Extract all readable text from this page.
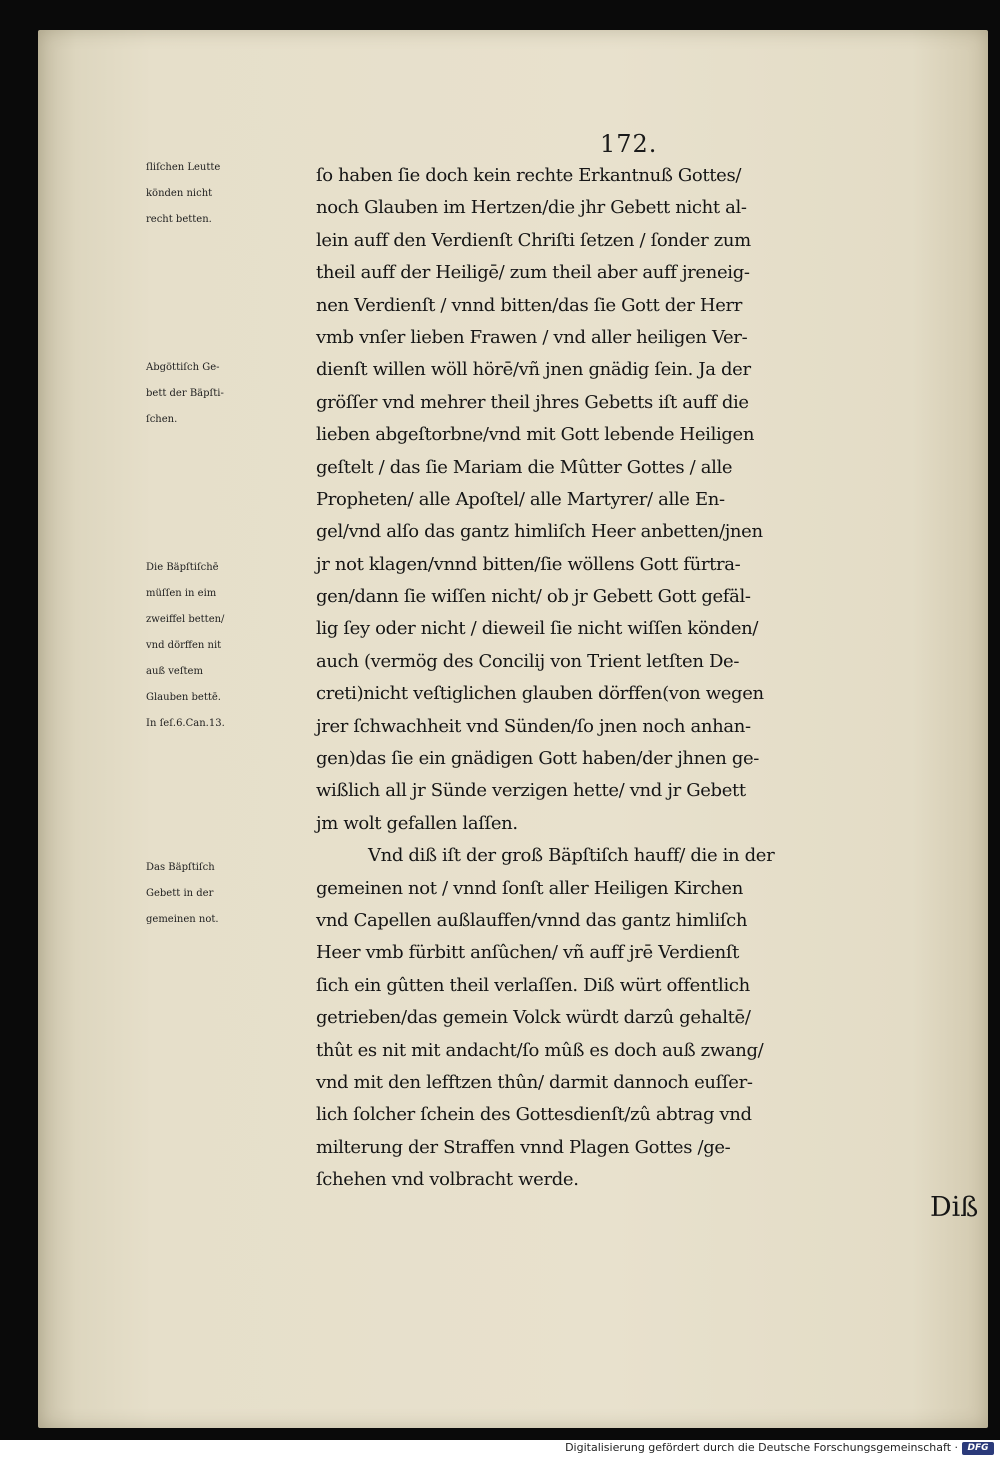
172.
ſliſchen Leutte
könden nicht
recht betten.
Abgöttiſch Ge-
bett der Bäpſti-
ſchen.
Die Bäpſtiſchē
müſſen in eim
zweiffel betten/
vnd dörffen nit
auß veſtem
Glauben bettē.
In ſeſ.6.Can.13.
Das Bäpſtiſch
Gebett in der
gemeinen not.
ſo haben ſie doch kein rechte Erkantnuß Gottes/
noch Glauben im Hertzen/die jhr Gebett nicht al-
lein auff den Verdienſt Chriſti ſetzen / ſonder zum
theil auff der Heiligē/ zum theil aber auff jreneig-
nen Verdienſt / vnnd bitten/das ſie Gott der Herr
vmb vnſer lieben Frawen / vnd aller heiligen Ver-
dienſt willen wöll hörē/vñ jnen gnädig ſein. Ja der
gröſſer vnd mehrer theil jhres Gebetts iſt auff die
lieben abgeſtorbne/vnd mit Gott lebende Heiligen
geſtelt / das ſie Mariam die Mûtter Gottes / alle
Propheten/ alle Apoſtel/ alle Martyrer/ alle En-
gel/vnd alſo das gantz himliſch Heer anbetten/jnen
jr not klagen/vnnd bitten/ſie wöllens Gott fürtra-
gen/dann ſie wiſſen nicht/ ob jr Gebett Gott gefäl-
lig ſey oder nicht / dieweil ſie nicht wiſſen könden/
auch (vermög des Concilij von Trient letſten De-
creti)nicht veſtiglichen glauben dörffen(von wegen
jrer ſchwachheit vnd Sünden/ſo jnen noch anhan-
gen)das ſie ein gnädigen Gott haben/der jhnen ge-
wißlich all jr Sünde verzigen hette/ vnd jr Gebett
jm wolt gefallen laſſen.
Vnd diß iſt der groß Bäpſtiſch hauff/ die in der
gemeinen not / vnnd ſonſt aller Heiligen Kirchen
vnd Capellen außlauffen/vnnd das gantz himliſch
Heer vmb fürbitt anſûchen/ vñ auff jrē Verdienſt
ſich ein gûtten theil verlaſſen. Diß würt offentlich
getrieben/das gemein Volck würdt darzû gehaltē/
thût es nit mit andacht/ſo mûß es doch auß zwang/
vnd mit den lefftzen thûn/ darmit dannoch euſſer-
lich ſolcher ſchein des Gottesdienſt/zû abtrag vnd
milterung der Straffen vnnd Plagen Gottes /ge-
ſchehen vnd volbracht werde.
Diß
Digitalisierung gefördert durch die Deutsche Forschungsgemeinschaft ·	DFG
